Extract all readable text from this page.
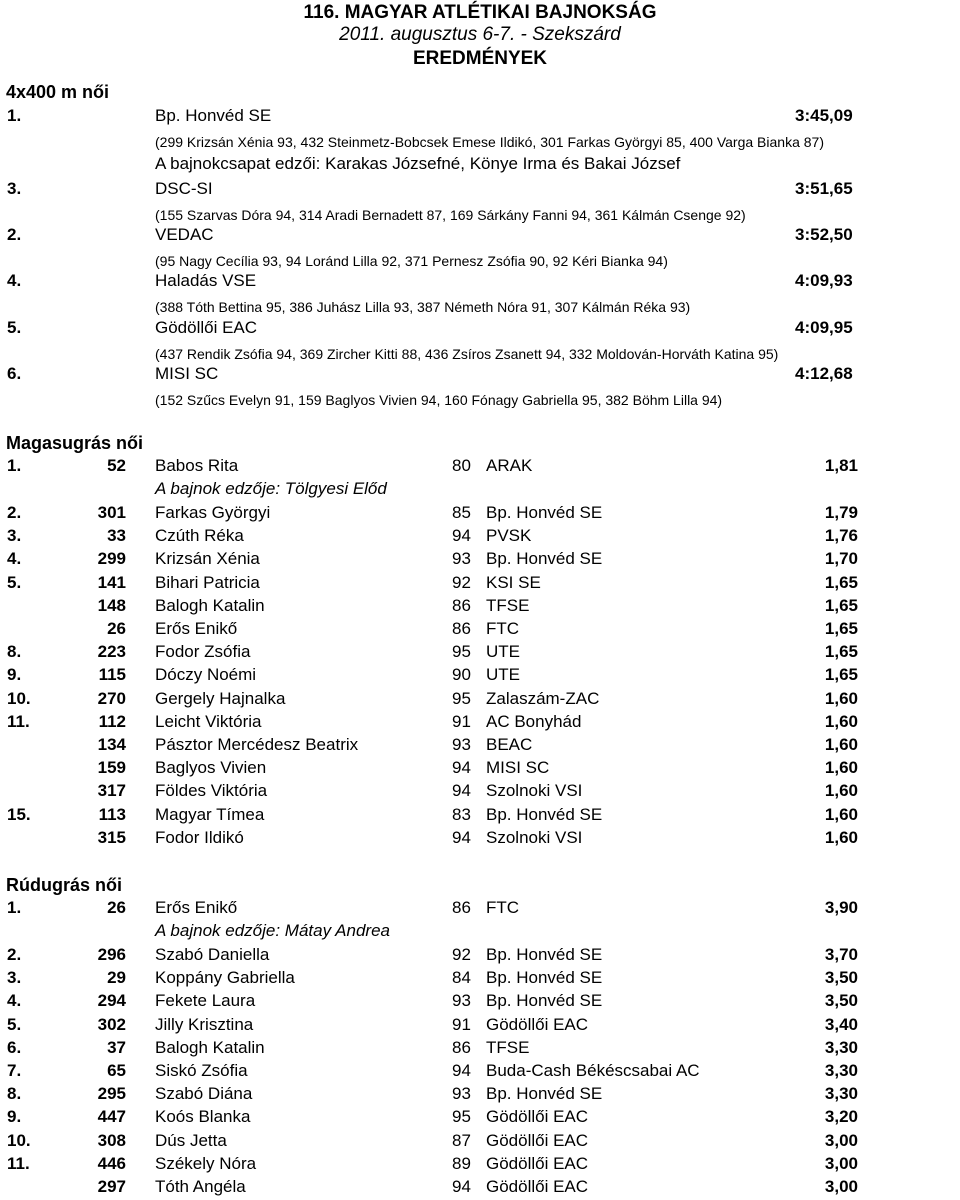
116. MAGYAR ATLÉTIKAI BAJNOKSÁG
2011. augusztus 6-7. - Szekszárd
EREDMÉNYEK
4x400 m női
1.	Bp. Honvéd SE	3:45,09
(299 Krizsán Xénia 93, 432 Steinmetz-Bobcsek Emese Ildikó, 301 Farkas Györgyi 85, 400 Varga Bianka 87)
A bajnokcsapat edzői: Karakas Józsefné, Könye Irma és Bakai József
3.	DSC-SI	3:51,65
(155 Szarvas Dóra 94, 314 Aradi Bernadett 87, 169 Sárkány Fanni 94, 361 Kálmán Csenge 92)
2.	VEDAC	3:52,50
(95 Nagy Cecília 93, 94 Loránd Lilla 92, 371 Pernesz Zsófia 90, 92 Kéri Bianka 94)
4.	Haladás VSE	4:09,93
(388 Tóth Bettina 95, 386 Juhász Lilla 93, 387 Németh Nóra 91, 307 Kálmán Réka 93)
5.	Gödöllői EAC	4:09,95
(437 Rendik Zsófia 94, 369 Zircher Kitti 88, 436 Zsíros Zsanett 94, 332 Moldován-Horváth Katina 95)
6.	MISI SC	4:12,68
(152 Szűcs Evelyn 91, 159 Baglyos Vivien 94, 160 Fónagy Gabriella 95, 382 Böhm Lilla 94)
Magasugrás női
1.	52 Babos Rita	80 ARAK	1,81
2.	301 Farkas Györgyi	85 Bp. Honvéd SE	1,79
3.	33 Czúth Réka	94 PVSK	1,76
4.	299 Krizsán Xénia	93 Bp. Honvéd SE	1,70
5.	141 Bihari Patricia	92 KSI SE	1,65
148 Balogh Katalin	86 TFSE	1,65
26 Erős Enikő	86 FTC	1,65
8.	223 Fodor Zsófia	95 UTE	1,65
9.	115 Dóczy Noémi	90 UTE	1,65
10.	270 Gergely Hajnalka	95 Zalaszám-ZAC	1,60
11.	112 Leicht Viktória	91 AC Bonyhád	1,60
134 Pásztor Mercédesz Beatrix	93 BEAC	1,60
159 Baglyos Vivien	94 MISI SC	1,60
317 Földes Viktória	94 Szolnoki VSI	1,60
15.	113 Magyar Tímea	83 Bp. Honvéd SE	1,60
315 Fodor Ildikó	94 Szolnoki VSI	1,60
A bajnok edzője: Tölgyesi Előd
Rúdugrás női
1.	26 Erős Enikő	86 FTC	3,90
2.	296 Szabó Daniella	92 Bp. Honvéd SE	3,70
3.	29 Koppány Gabriella	84 Bp. Honvéd SE	3,50
4.	294 Fekete Laura	93 Bp. Honvéd SE	3,50
5.	302 Jilly Krisztina	91 Gödöllői EAC	3,40
6.	37 Balogh Katalin	86 TFSE	3,30
7.	65 Siskó Zsófia	94 Buda-Cash Békéscsabai AC	3,30
8.	295 Szabó Diána	93 Bp. Honvéd SE	3,30
9.	447 Koós Blanka	95 Gödöllői EAC	3,20
10.	308 Dús Jetta	87 Gödöllői EAC	3,00
11.	446 Székely Nóra	89 Gödöllői EAC	3,00
297 Tóth Angéla	94 Gödöllői EAC	3,00
A bajnok edzője: Mátay Andrea
